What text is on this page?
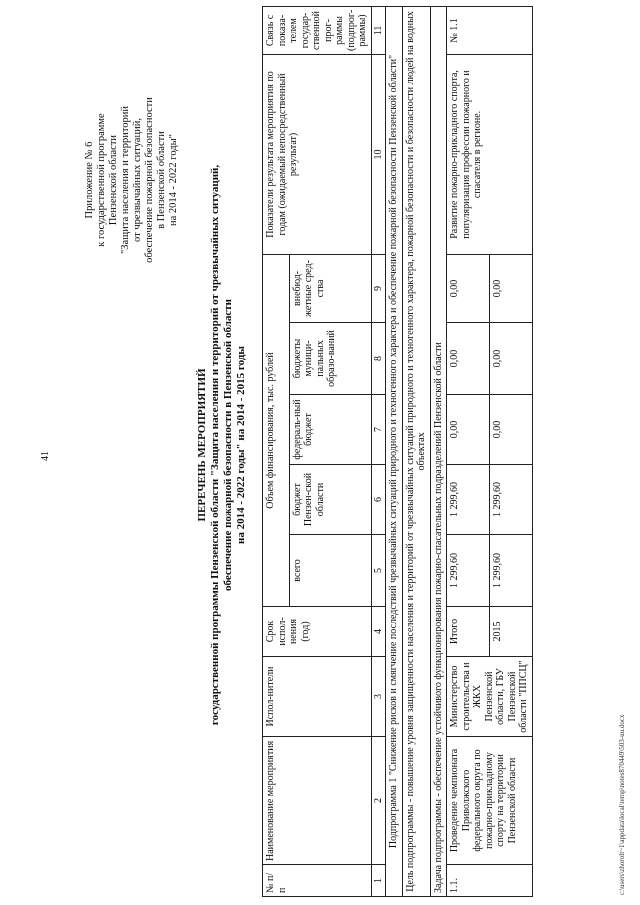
41
Приложение № 6 к государственной программе Пензенской области "Защита населения и территорий от чрезвычайных ситуаций, обеспечение пожарной безопасности в Пензенской области на 2014 - 2022 годы"
ПЕРЕЧЕНЬ МЕРОПРИЯТИЙ государственной программы Пензенской области "Защита населения и территорий от чрезвычайных ситуаций, обеспечение пожарной безопасности в Пензенской области на 2014 - 2022 годы" на 2014 - 2015 годы
№ п/п	Наименование мероприятия	Испол-нители	Срок испол-нения (год)	Объем финансирования, тыс. рублей					Показатели результата мероприятия по годам (ожидаемый непосредственный результат)	Связь с показа-телем государ-ственной прог-раммы (подпрог-раммы)
				всего	бюджет Пензен-ской области	федераль-ный бюджет	бюджеты муници-пальных образо-ваний	внебюд-жетные сред-ства		
1	2	3	4	5	6	7	8	9	10	11
Подпрограмма 1 "Снижение рисков и смягчение последствий чрезвычайных ситуаций природного и техногенного характера и обеспечение пожарной безопасности Пензенской области"										
Цель подпрограммы - повышение уровня защищенности населения и территорий от чрезвычайных ситуаций природного и техногенного характера, пожарной безопасности и безопасности людей на водных объектах										
Задача подпрограммы - обеспечение устойчивого функционирования пожарно-спасательных подразделений Пензенской области										
1.1.	Проведение чемпионата Приволжского федерального округа по пожарно-прикладному спорту на территории Пензенской области	Министерство строительства и ЖКХ Пензенской области, ГБУ Пензенской области "ППСЦ"	Итого	1 299,60	1 299,60	0,00	0,00	0,00	Развитие пожарно-прикладного спорта, популяризация профессии пожарного и спасателя в регионе.	№ 1.1
			2015	1 299,60	1 299,60	0,00	0,00	0,00		
c:\users\zhorolt~1\appdata\local\temp\notes870449\503-uu.docx
